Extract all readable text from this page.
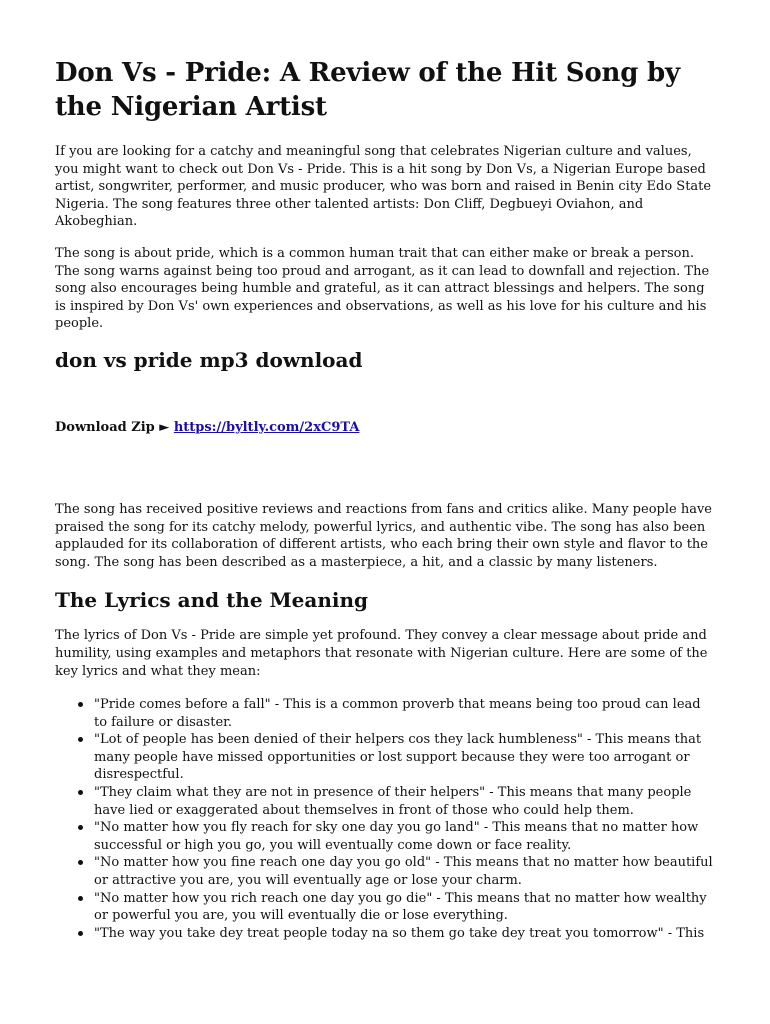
Don Vs - Pride: A Review of the Hit Song by the Nigerian Artist

If you are looking for a catchy and meaningful song that celebrates Nigerian culture and values, you might want to check out Don Vs - Pride. This is a hit song by Don Vs, a Nigerian Europe based artist, songwriter, performer, and music producer, who was born and raised in Benin city Edo State Nigeria. The song features three other talented artists: Don Cliff, Degbueyi Oviahon, and Akobeghian.

The song is about pride, which is a common human trait that can either make or break a person. The song warns against being too proud and arrogant, as it can lead to downfall and rejection. The song also encourages being humble and grateful, as it can attract blessings and helpers. The song is inspired by Don Vs' own experiences and observations, as well as his love for his culture and his people.

don vs pride mp3 download
Download Zip ► https://byltly.com/2xC9TA

The song has received positive reviews and reactions from fans and critics alike. Many people have praised the song for its catchy melody, powerful lyrics, and authentic vibe. The song has also been applauded for its collaboration of different artists, who each bring their own style and flavor to the song. The song has been described as a masterpiece, a hit, and a classic by many listeners.

The Lyrics and the Meaning

The lyrics of Don Vs - Pride are simple yet profound. They convey a clear message about pride and humility, using examples and metaphors that resonate with Nigerian culture. Here are some of the key lyrics and what they mean:

"Pride comes before a fall" - This is a common proverb that means being too proud can lead to failure or disaster.
"Lot of people has been denied of their helpers cos they lack humbleness" - This means that many people have missed opportunities or lost support because they were too arrogant or disrespectful.
"They claim what they are not in presence of their helpers" - This means that many people have lied or exaggerated about themselves in front of those who could help them.
"No matter how you fly reach for sky one day you go land" - This means that no matter how successful or high you go, you will eventually come down or face reality.
"No matter how you fine reach one day you go old" - This means that no matter how beautiful or attractive you are, you will eventually age or lose your charm.
"No matter how you rich reach one day you go die" - This means that no matter how wealthy or powerful you are, you will eventually die or lose everything.
"The way you take dey treat people today na so them go take dey treat you tomorrow" - This
